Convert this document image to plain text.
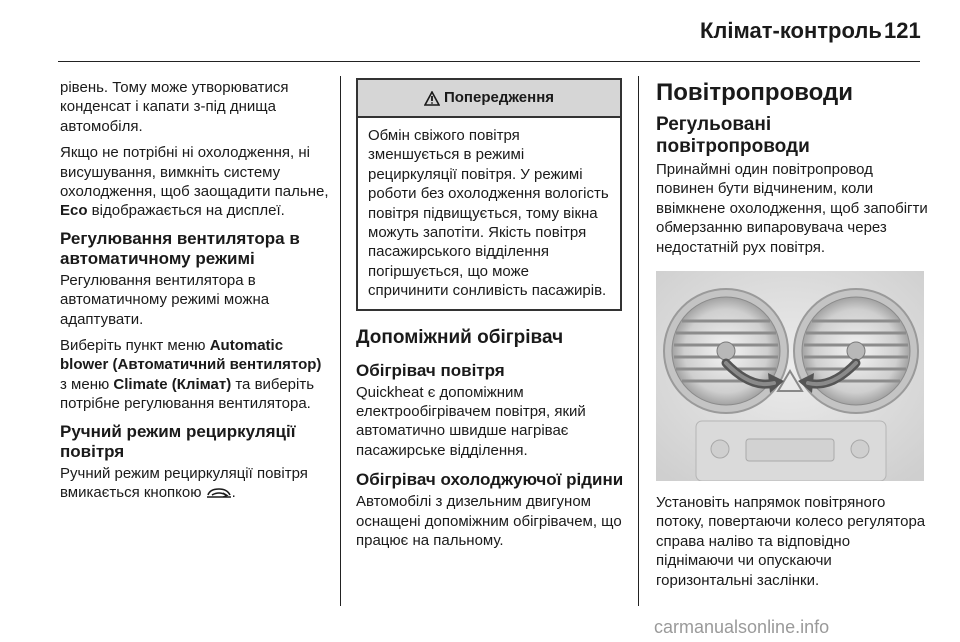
Клімат-контроль 121

рівень. Тому може утворюватися конденсат і капати з-під днища автомобіля.

Якщо не потрібні ні охолодження, ні висушування, вимкніть систему охолодження, щоб заощадити пальне, Eco відображається на дисплеї.

Регулювання вентилятора в автоматичному режимі

Регулювання вентилятора в автоматичному режимі можна адаптувати.

Виберіть пункт меню Automatic blower (Автоматичний вентилятор) з меню Climate (Клімат) та виберіть потрібне регулювання вентилятора.

Ручний режим рециркуляції повітря

Ручний режим рециркуляції повітря вмикається кнопкою .

Попередження
Обмін свіжого повітря зменшується в режимі рециркуляції повітря. У режимі роботи без охолодження вологість повітря підвищується, тому вікна можуть запотіти. Якість повітря пасажирського відділення погіршується, що може спричинити сонливість пасажирів.
Допоміжний обігрівач
Обігрівач повітря

Quickheat є допоміжним електрообігрівачем повітря, який автоматично швидше нагріває пасажирське відділення.

Обігрівач охолоджуючої рідини

Автомобілі з дизельним двигуном оснащені допоміжним обігрівачем, що працює на пальному.

Повітропроводи
Регульовані повітропроводи

Принаймні один повітропровод повинен бути відчиненим, коли ввімкнене охолодження, щоб запобігти обмерзанню випаровувача через недостатній рух повітря.

Установіть напрямок повітряного потоку, повертаючи колесо регулятора справа наліво та відповідно піднімаючи чи опускаючи горизонтальні заслінки.

carmanualsonline.info
